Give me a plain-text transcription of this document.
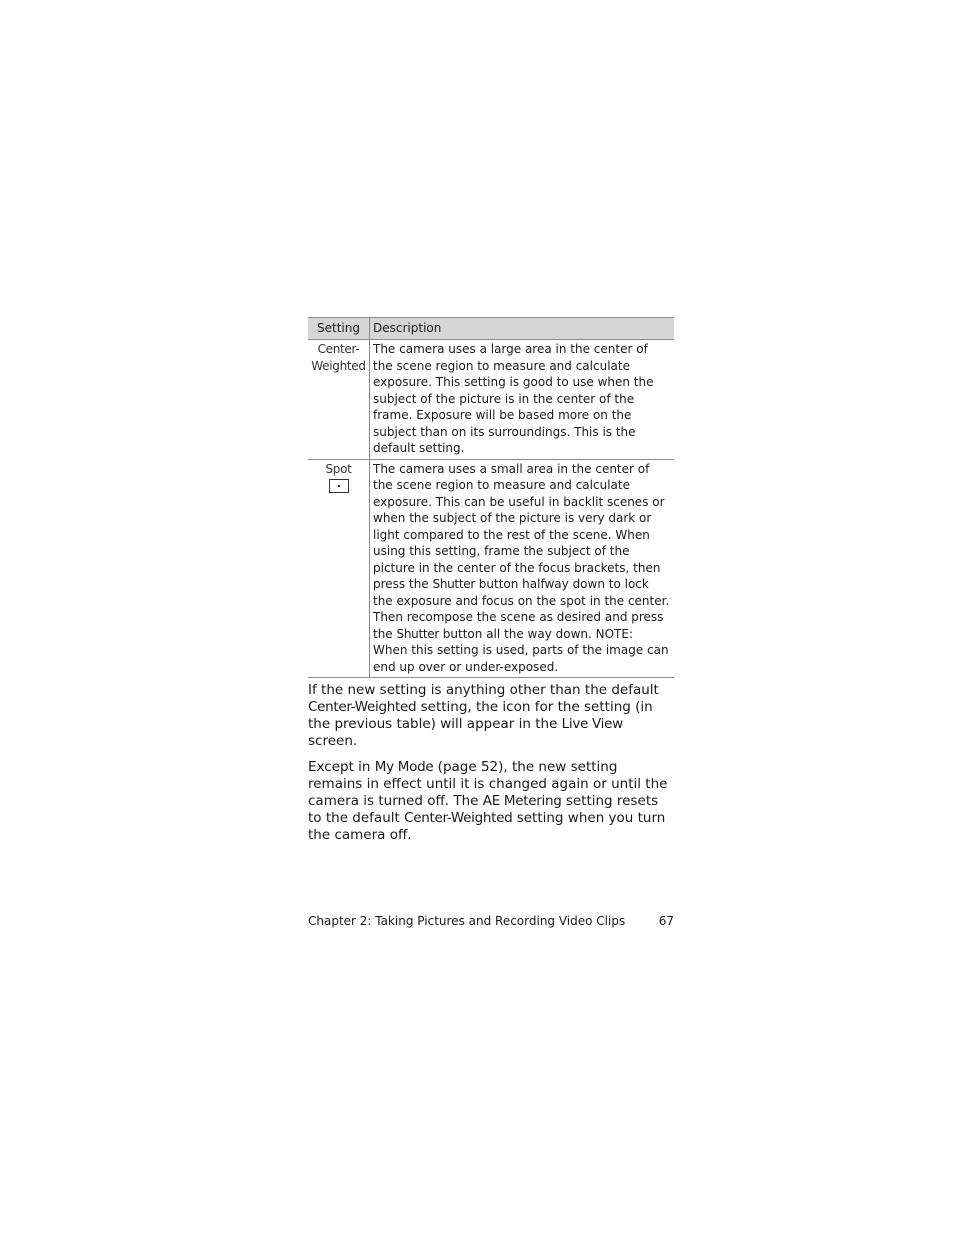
Setting	Description

Center-
Weighted	The camera uses a large area in the center of the scene region to measure and calculate exposure. This setting is good to use when the subject of the picture is in the center of the frame. Exposure will be based more on the subject than on its surroundings. This is the default setting.

Spot	The camera uses a small area in the center of the scene region to measure and calculate exposure. This can be useful in backlit scenes or when the subject of the picture is very dark or light compared to the rest of the scene. When using this setting, frame the subject of the picture in the center of the focus brackets, then press the Shutter button halfway down to lock the exposure and focus on the spot in the center. Then recompose the scene as desired and press the Shutter button all the way down. NOTE: When this setting is used, parts of the image can end up over or under-exposed.

If the new setting is anything other than the default Center-Weighted setting, the icon for the setting (in the previous table) will appear in the Live View screen.

Except in My Mode (page 52), the new setting remains in effect until it is changed again or until the camera is turned off. The AE Metering setting resets to the default Center-Weighted setting when you turn the camera off.

Chapter 2: Taking Pictures and Recording Video Clips	67
